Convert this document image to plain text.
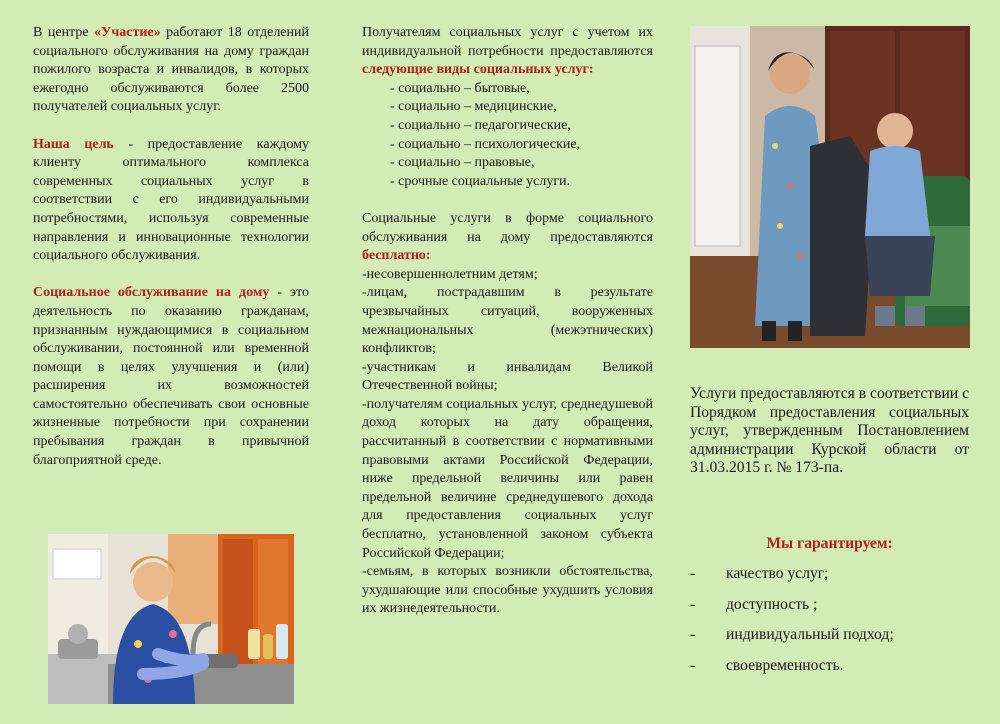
В центре «Участие» работают 18 отделений социального обслуживания на дому граждан пожилого возраста и инвалидов, в которых ежегодно обслуживаются более 2500 получателей социальных услуг.

Наша цель - предоставление каждому клиенту оптимального комплекса современных социальных услуг в соответствии с его индивидуальными потребностями, используя современные направления и инновационные технологии социального обслуживания.

Социальное обслуживание на дому - это деятельность по оказанию гражданам, признанным нуждающимися в социальном обслуживании, постоянной или временной помощи в целях улучшения и (или) расширения их возможностей самостоятельно обеспечивать свои основные жизненные потребности при сохранении пребывания граждан в привычной благоприятной среде.

Получателям социальных услуг с учетом их индивидуальной потребности предоставляются следующие виды социальных услуг:

- социально – бытовые,
- социально – медицинские,
- социально – педагогические,
- социально – психологические,
- социально – правовые,
- срочные социальные услуги.

Социальные услуги в форме социального обслуживания на дому предоставляются бесплатно:

-несовершеннолетним детям;

-лицам, пострадавшим в результате чрезвычайных ситуаций, вооруженных межнациональных (межэтнических) конфликтов;

-участникам и инвалидам Великой Отечественной войны;

-получателям социальных услуг, среднедушевой доход которых на дату обращения, рассчитанный в соответствии с нормативными правовыми актами Российской Федерации, ниже предельной величины или равен предельной величине среднедушевого дохода для предоставления социальных услуг бесплатно, установленной законом субъекта Российской Федерации;

-семьям, в которых возникли обстоятельства, ухудшающие или способные ухудшить условия их жизнедеятельности.

Услуги предоставляются в соответствии с Порядком предоставления социальных услуг, утвержденным Постановлением администрации Курской области от 31.03.2015 г. № 173-па.
Мы гарантируем:
-	качество услуг;
-	доступность ;
-	индивидуальный подход;
-	своевременность.
